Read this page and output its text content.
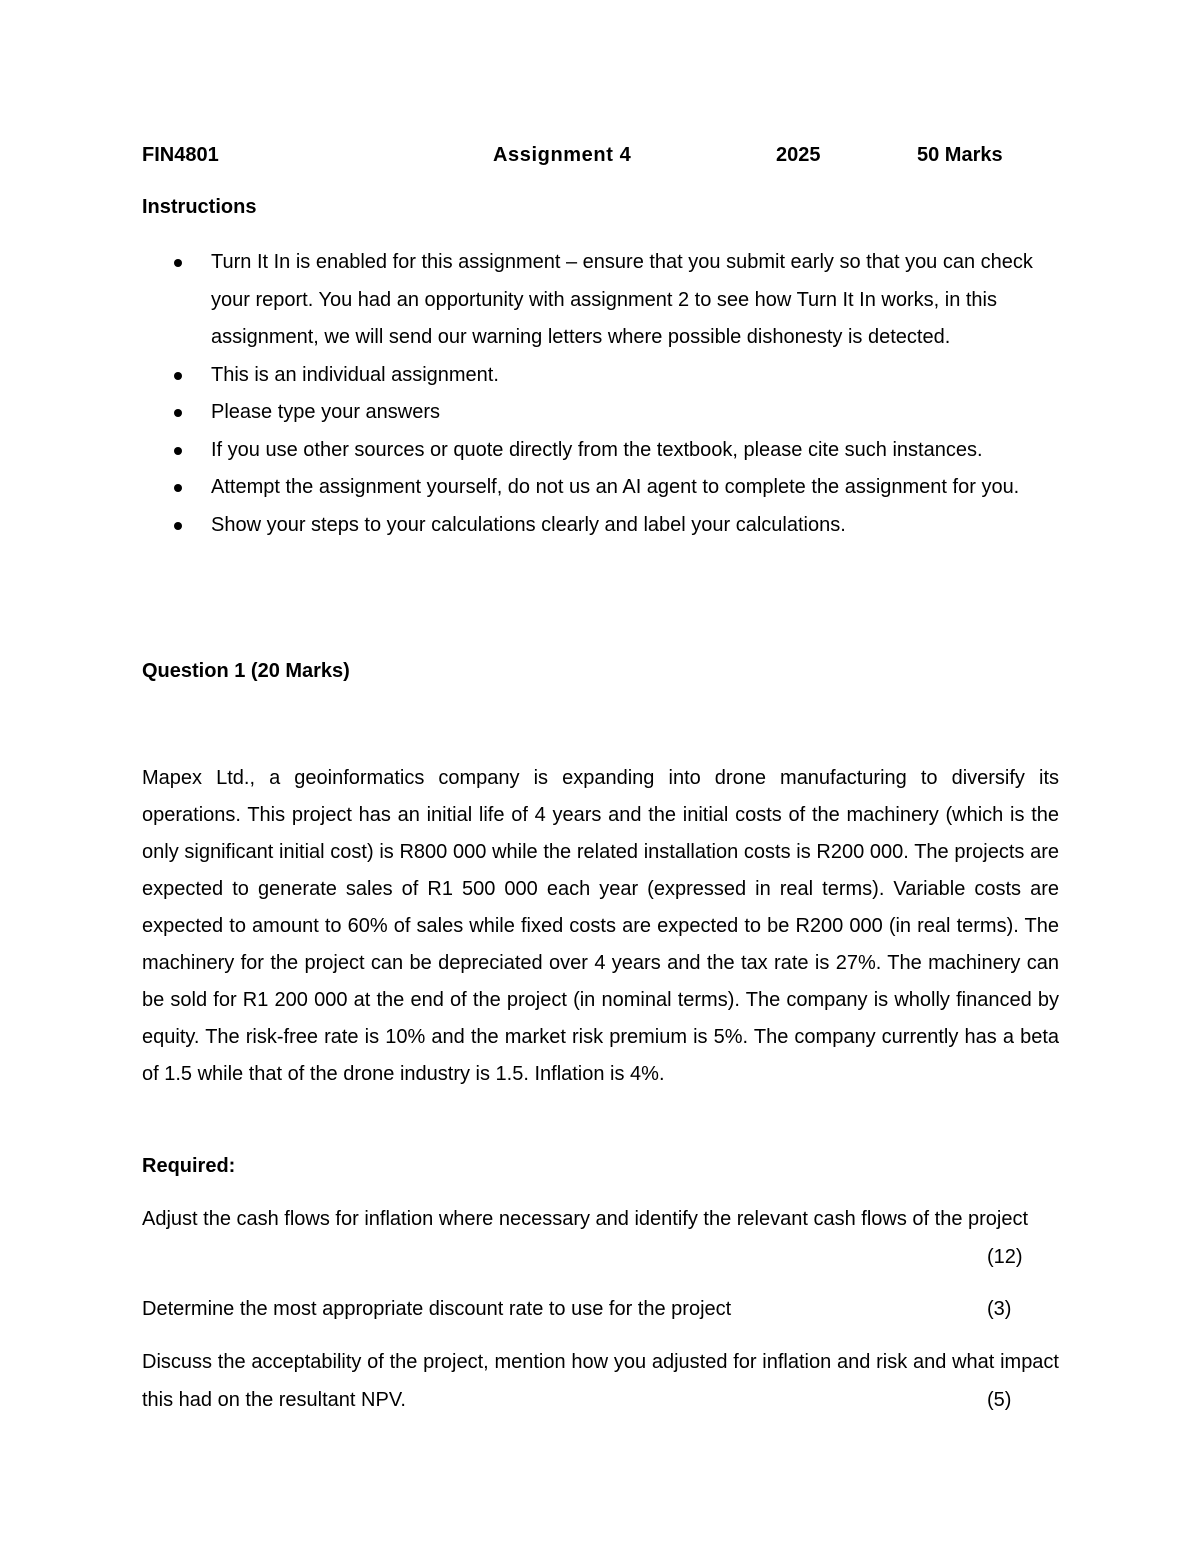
FIN4801	Assignment 4	2025	50 Marks
Instructions
Turn It In is enabled for this assignment – ensure that you submit early so that you can check your report. You had an opportunity with assignment 2 to see how Turn It In works, in this assignment, we will send our warning letters where possible dishonesty is detected.
This is an individual assignment.
Please type your answers
If you use other sources or quote directly from the textbook, please cite such instances.
Attempt the assignment yourself, do not us an AI agent to complete the assignment for you.
Show your steps to your calculations clearly and label your calculations.
Question 1 (20 Marks)

Mapex Ltd., a geoinformatics company is expanding into drone manufacturing to diversify its operations. This project has an initial life of 4 years and the initial costs of the machinery (which is the only significant initial cost) is R800 000 while the related installation costs is R200 000. The projects are expected to generate sales of R1 500 000 each year (expressed in real terms). Variable costs are expected to amount to 60% of sales while fixed costs are expected to be R200 000 (in real terms). The machinery for the project can be depreciated over 4 years and the tax rate is 27%. The machinery can be sold for R1 200 000 at the end of the project (in nominal terms). The company is wholly financed by equity. The risk-free rate is 10% and the market risk premium is 5%. The company currently has a beta of 1.5 while that of the drone industry is 1.5. Inflation is 4%.

Required:
Adjust the cash flows for inflation where necessary and identify the relevant cash flows of the project
(12)
Determine the most appropriate discount rate to use for the project	(3)
Discuss the acceptability of the project, mention how you adjusted for inflation and risk and what impact this had on the resultant NPV.	(5)
